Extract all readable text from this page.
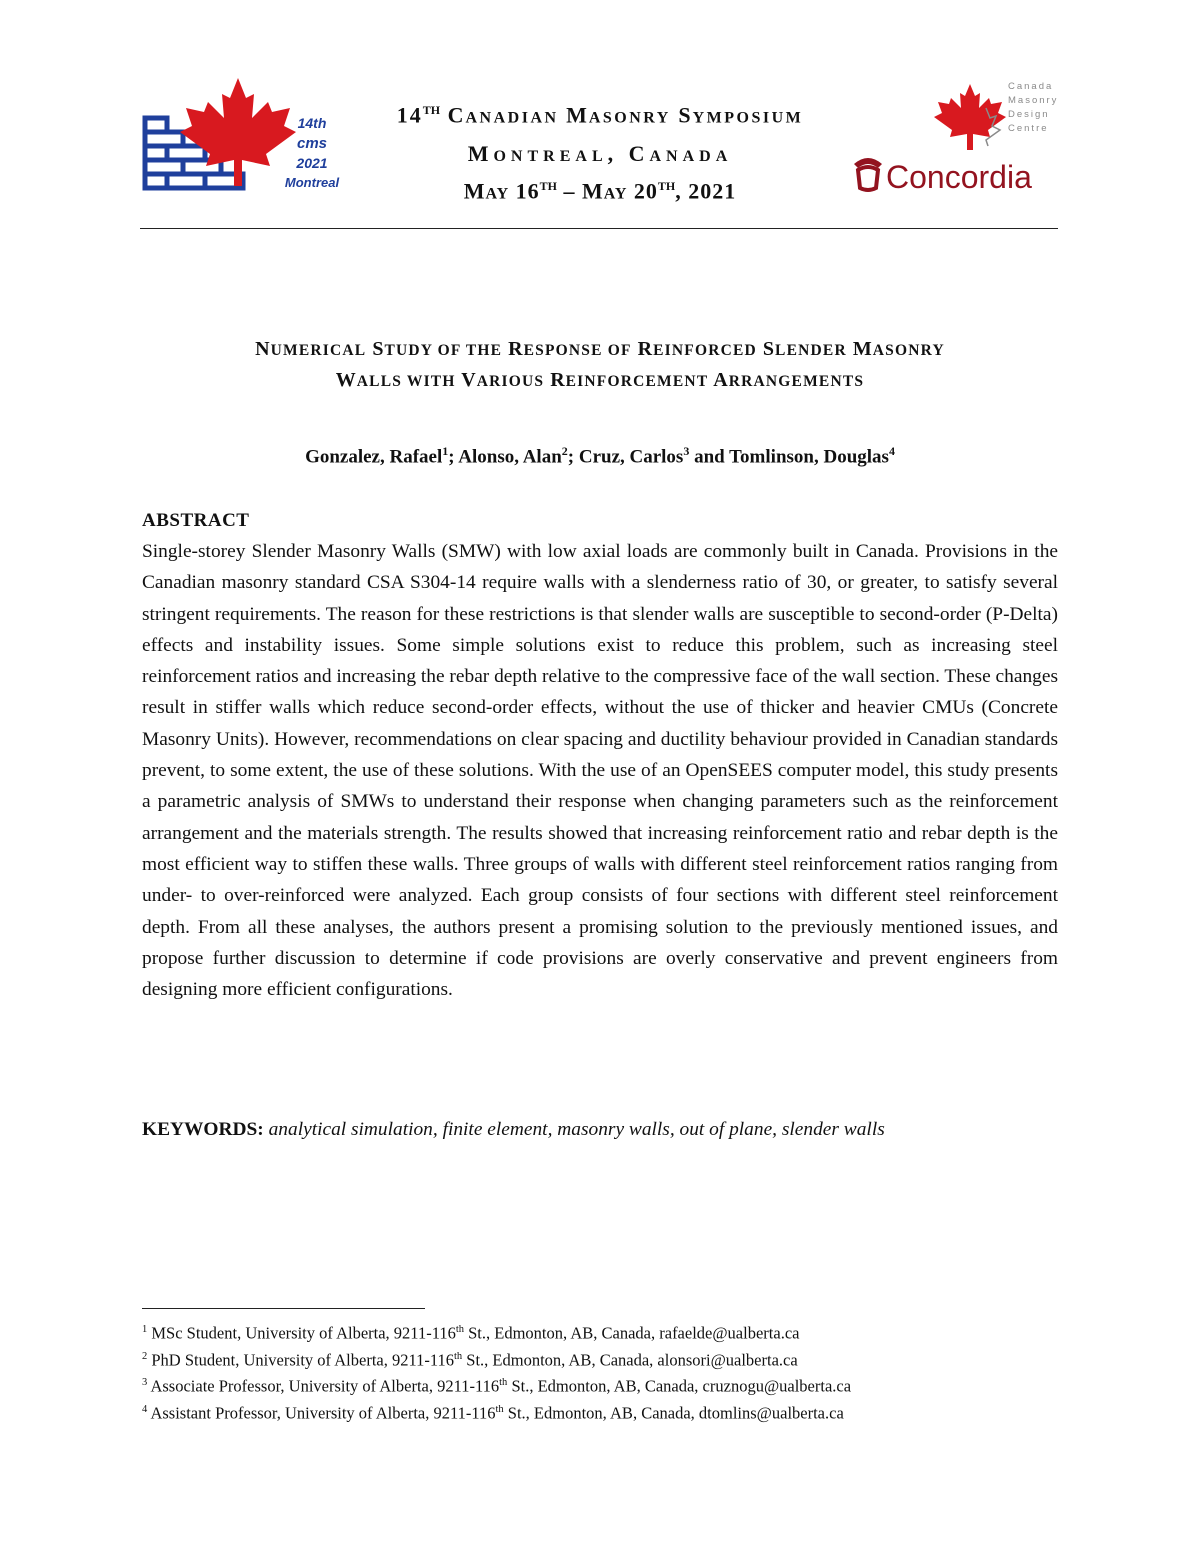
14th
cms
2021
Montreal
14TH CANADIAN MASONRY SYMPOSIUM
MONTREAL, CANADA
MAY 16TH – MAY 20TH, 2021
Canada
Masonry
Design
Centre
Concordia
NUMERICAL STUDY OF THE RESPONSE OF REINFORCED SLENDER MASONRY
WALLS WITH VARIOUS REINFORCEMENT ARRANGEMENTS
Gonzalez, Rafael$^1$; Alonso, Alan$^2$; Cruz, Carlos$^3$ and Tomlinson, Douglas$^4$
ABSTRACT
Single-storey Slender Masonry Walls (SMW) with low axial loads are commonly built in Canada. Provisions in the Canadian masonry standard CSA S304-14 require walls with a slenderness ratio of 30, or greater, to satisfy several stringent requirements. The reason for these restrictions is that slender walls are susceptible to second-order (P-Delta) effects and instability issues. Some simple solutions exist to reduce this problem, such as increasing steel reinforcement ratios and increasing the rebar depth relative to the compressive face of the wall section. These changes result in stiffer walls which reduce second-order effects, without the use of thicker and heavier CMUs (Concrete Masonry Units). However, recommendations on clear spacing and ductility behaviour provided in Canadian standards prevent, to some extent, the use of these solutions. With the use of an OpenSEES computer model, this study presents a parametric analysis of SMWs to understand their response when changing parameters such as the reinforcement arrangement and the materials strength. The results showed that increasing reinforcement ratio and rebar depth is the most efficient way to stiffen these walls. Three groups of walls with different steel reinforcement ratios ranging from under- to over-reinforced were analyzed. Each group consists of four sections with different steel reinforcement depth. From all these analyses, the authors present a promising solution to the previously mentioned issues, and propose further discussion to determine if code provisions are overly conservative and prevent engineers from designing more efficient configurations.
KEYWORDS: analytical simulation, finite element, masonry walls, out of plane, slender walls
$^1$ MSc Student, University of Alberta, 9211-116th St., Edmonton, AB, Canada, rafaelde@ualberta.ca
$^2$ PhD Student, University of Alberta, 9211-116th St., Edmonton, AB, Canada, alonsori@ualberta.ca
$^3$ Associate Professor, University of Alberta, 9211-116th St., Edmonton, AB, Canada, cruznogu@ualberta.ca
$^4$ Assistant Professor, University of Alberta, 9211-116th St., Edmonton, AB, Canada, dtomlins@ualberta.ca
